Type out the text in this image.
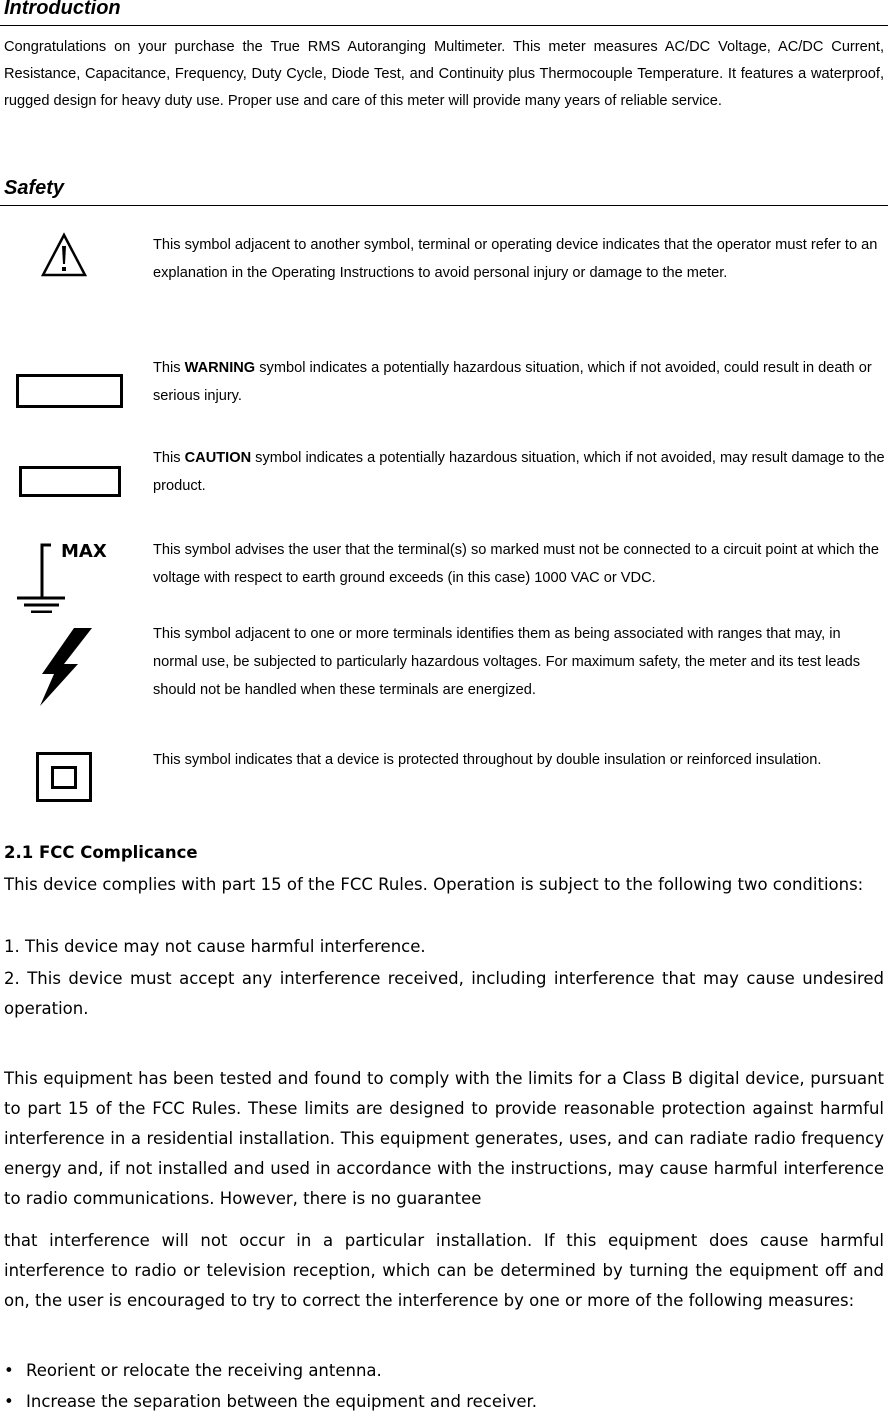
Introduction

Congratulations on your purchase the True RMS Autoranging Multimeter. This meter measures AC/DC Voltage, AC/DC Current, Resistance, Capacitance, Frequency, Duty Cycle, Diode Test, and Continuity plus Thermocouple Temperature. It features a waterproof, rugged design for heavy duty use. Proper use and care of this meter will provide many years of reliable service.

Safety

This symbol adjacent to another symbol, terminal or operating device indicates that the operator must refer to an explanation in the Operating Instructions to avoid personal injury or damage to the meter.

This WARNING symbol indicates a potentially hazardous situation, which if not avoided, could result in death or serious injury.

This CAUTION symbol indicates a potentially hazardous situation, which if not avoided, may result damage to the product.

MAX	This symbol advises the user that the terminal(s) so marked must not be connected to a circuit point at which the voltage with respect to earth ground exceeds (in this case) 1000 VAC or VDC.

This symbol adjacent to one or more terminals identifies them as being associated with ranges that may, in normal use, be subjected to particularly hazardous voltages. For maximum safety, the meter and its test leads should not be handled when these terminals are energized.

This symbol indicates that a device is protected throughout by double insulation or reinforced insulation.

2.1 FCC Complicance

This device complies with part 15 of the FCC Rules. Operation is subject to the following two conditions:

1. This device may not cause harmful interference.

2. This device must accept any interference received, including interference that may cause undesired operation.

This equipment has been tested and found to comply with the limits for a Class B digital device, pursuant to part 15 of the FCC Rules. These limits are designed to provide reasonable protection against harmful interference in a residential installation. This equipment generates, uses, and can radiate radio frequency energy and, if not installed and used in accordance with the instructions, may cause harmful interference to radio communications. However, there is no guarantee

that interference will not occur in a particular installation. If this equipment does cause harmful interference to radio or television reception, which can be determined by turning the equipment off and on, the user is encouraged to try to correct the interference by one or more of the following measures:

• Reorient or relocate the receiving antenna.
• Increase the separation between the equipment and receiver.
